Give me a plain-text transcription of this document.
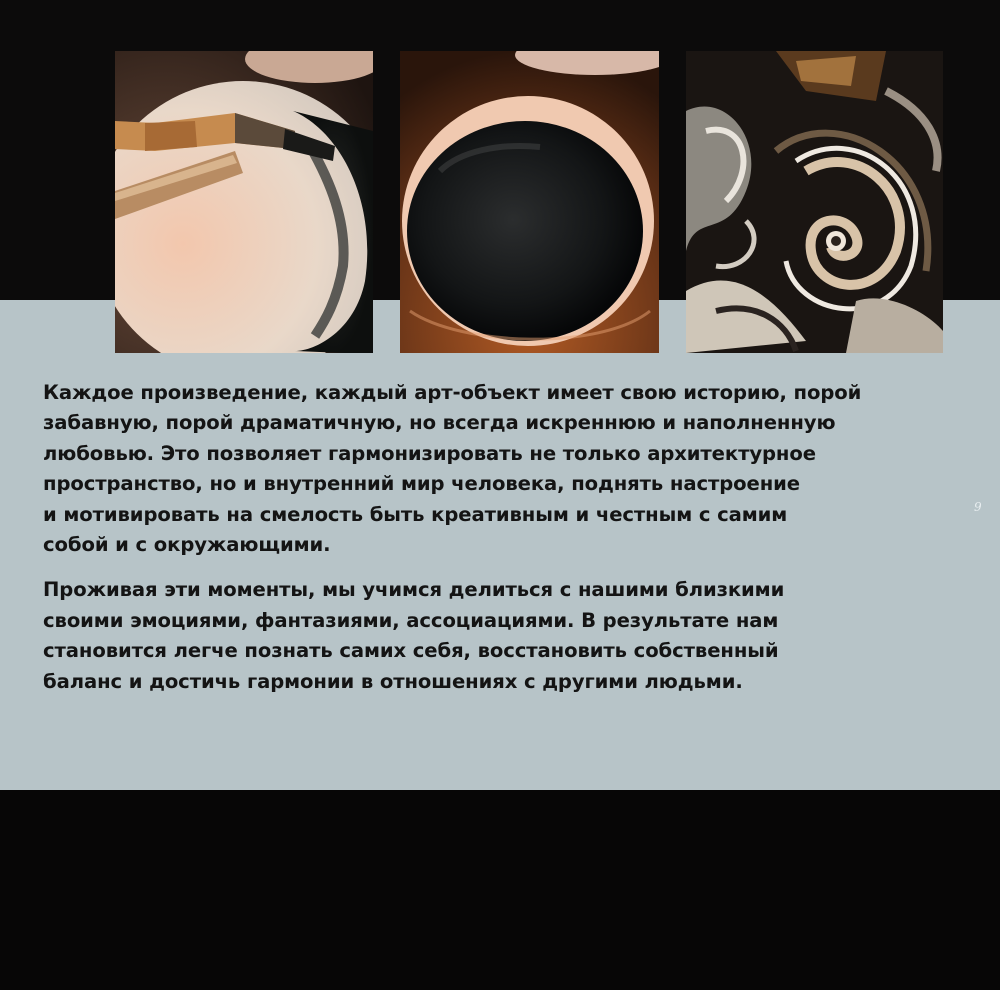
Каждое произведение, каждый арт-объект имеет свою историю, порой
забавную, порой драматичную, но всегда искреннюю и наполненную
любовью. Это позволяет гармонизировать не только архитектурное
пространство, но и внутренний мир человека, поднять настроение
и мотивировать на смелость быть креативным и честным с самим
собой и с окружающими.

Проживая эти моменты, мы учимся делиться с нашими близкими
своими эмоциями, фантазиями, ассоциациями. В результате нам
становится легче познать самих себя, восстановить собственный
баланс и достичь гармонии в отношениях с другими людьми.

9
